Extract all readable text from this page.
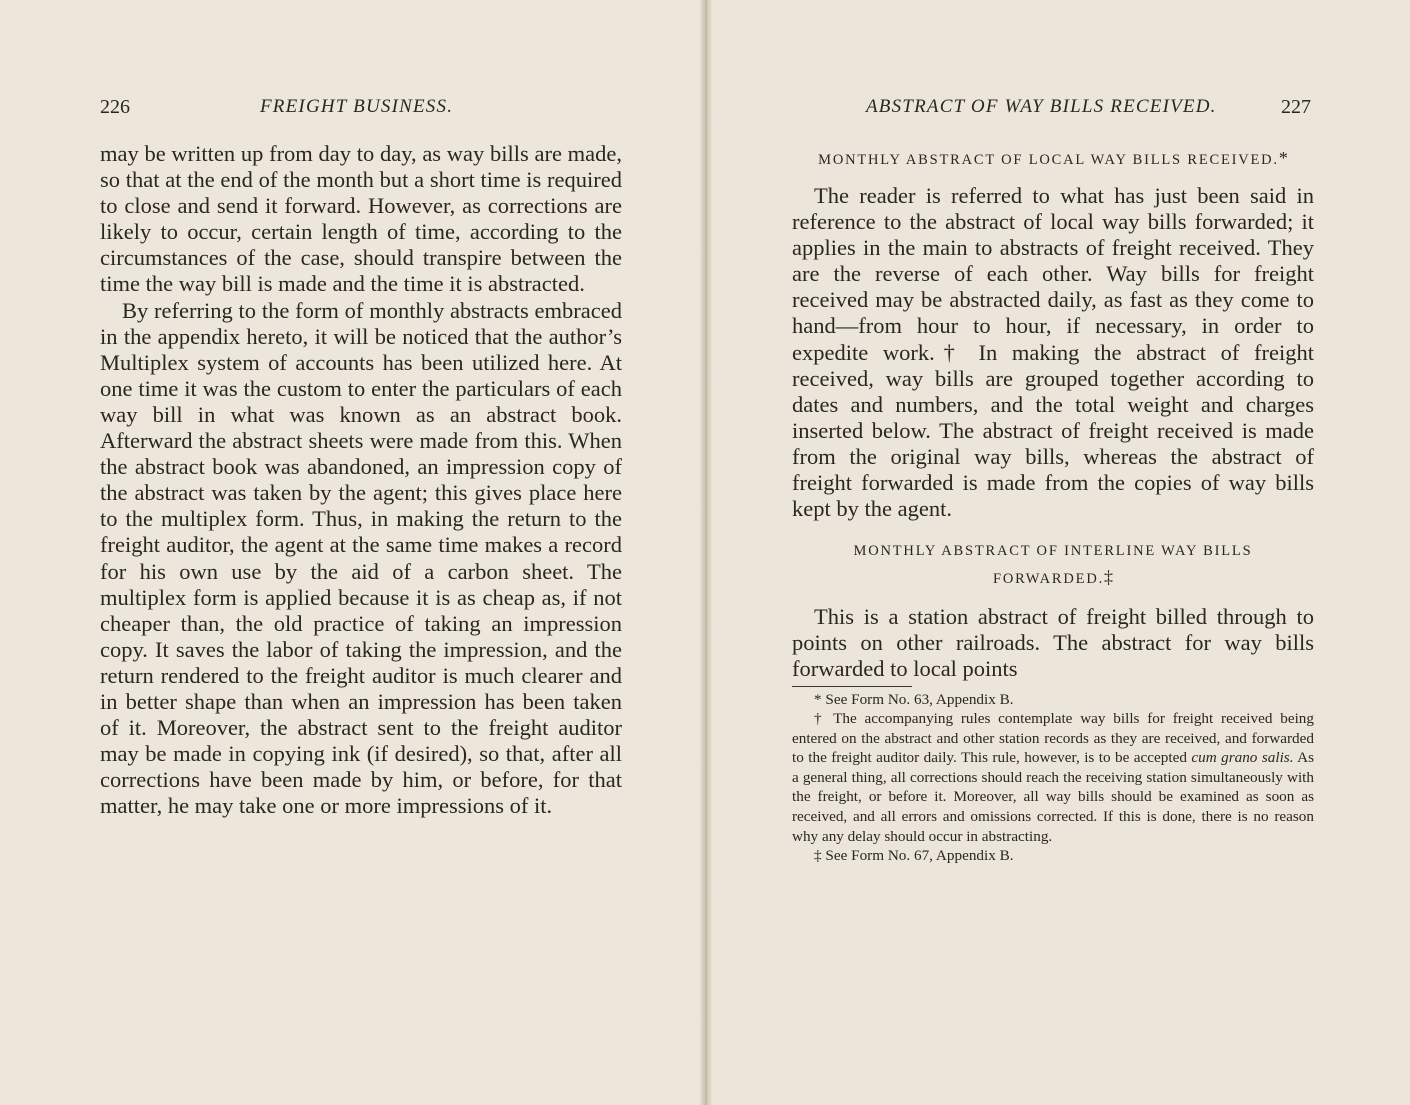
226	FREIGHT BUSINESS.

may be written up from day to day, as way bills are made, so that at the end of the month but a short time is required to close and send it forward. However, as corrections are likely to occur, certain length of time, according to the circumstances of the case, should transpire between the time the way bill is made and the time it is abstracted.

By referring to the form of monthly abstracts embraced in the appendix hereto, it will be noticed that the author’s Multiplex system of accounts has been utilized here. At one time it was the custom to enter the particulars of each way bill in what was known as an abstract book. Afterward the abstract sheets were made from this. When the abstract book was abandoned, an impression copy of the abstract was taken by the agent; this gives place here to the multiplex form. Thus, in making the return to the freight auditor, the agent at the same time makes a record for his own use by the aid of a carbon sheet. The multiplex form is applied because it is as cheap as, if not cheaper than, the old practice of taking an impression copy. It saves the labor of taking the impression, and the return rendered to the freight auditor is much clearer and in better shape than when an impression has been taken of it. Moreover, the abstract sent to the freight auditor may be made in copying ink (if desired), so that, after all corrections have been made by him, or before, for that matter, he may take one or more impressions of it.

ABSTRACT OF WAY BILLS RECEIVED.	227
MONTHLY ABSTRACT OF LOCAL WAY BILLS RECEIVED.*

The reader is referred to what has just been said in reference to the abstract of local way bills forwarded; it applies in the main to abstracts of freight received. They are the reverse of each other. Way bills for freight received may be abstracted daily, as fast as they come to hand—from hour to hour, if necessary, in order to expedite work.† In making the abstract of freight received, way bills are grouped together according to dates and numbers, and the total weight and charges inserted below. The abstract of freight received is made from the original way bills, whereas the abstract of freight forwarded is made from the copies of way bills kept by the agent.

MONTHLY ABSTRACT OF INTERLINE WAY BILLS FORWARDED.‡

This is a station abstract of freight billed through to points on other railroads. The abstract for way bills forwarded to local points

* See Form No. 63, Appendix B.

† The accompanying rules contemplate way bills for freight received being entered on the abstract and other station records as they are received, and forwarded to the freight auditor daily. This rule, however, is to be accepted cum grano salis. As a general thing, all corrections should reach the receiving station simultaneously with the freight, or before it. Moreover, all way bills should be examined as soon as received, and all errors and omissions corrected. If this is done, there is no reason why any delay should occur in abstracting.

‡ See Form No. 67, Appendix B.
